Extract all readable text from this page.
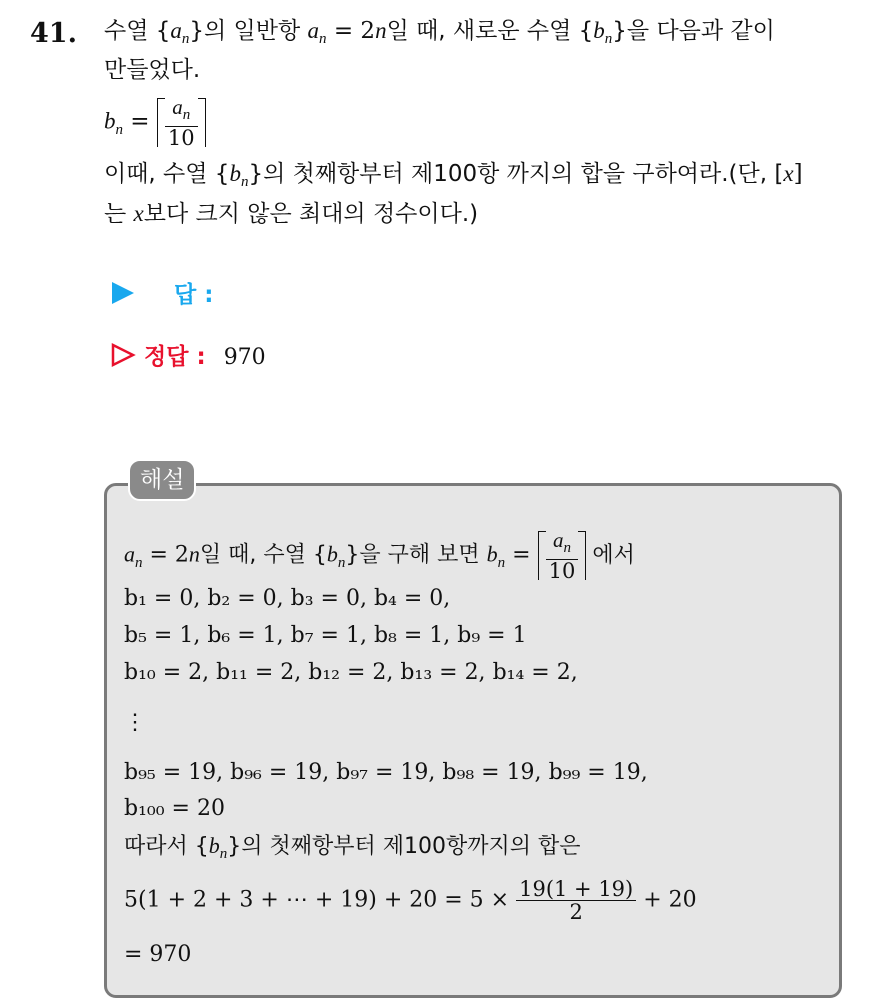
41. 수열 $\{a_n\}$의 일반항 $a_n = 2n$일 때, 새로운 수열 $\{b_n\}$을 다음과 같이
만들었다.
$b_n = \frac{a_n}{10}$
이때, 수열 $\{b_n\}$의 첫째항부터 제100항 까지의 합을 구하여라.(단, [x]
는 x보다 크지 않은 최대의 정수이다.)
답 :
정답 : 970
해설
$a_n = 2n$일 때, 수열 $\{b_n\}$을 구해 보면 $b_n = \frac{a_n}{10}$ 에서
b₁ = 0, b₂ = 0, b₃ = 0, b₄ = 0,
b₅ = 1, b₆ = 1, b₇ = 1, b₈ = 1, b₉ = 1
b₁₀ = 2, b₁₁ = 2, b₁₂ = 2, b₁₃ = 2, b₁₄ = 2,
⋮
b₉₅ = 19, b₉₆ = 19, b₉₇ = 19, b₉₈ = 19, b₉₉ = 19,
b₁₀₀ = 20
따라서 $\{b_n\}$의 첫째항부터 제100항까지의 합은
5(1 + 2 + 3 + ⋯ + $19) + 20 = 5 \times \frac{19(1 + 19)}{2} + 20$
= 970
